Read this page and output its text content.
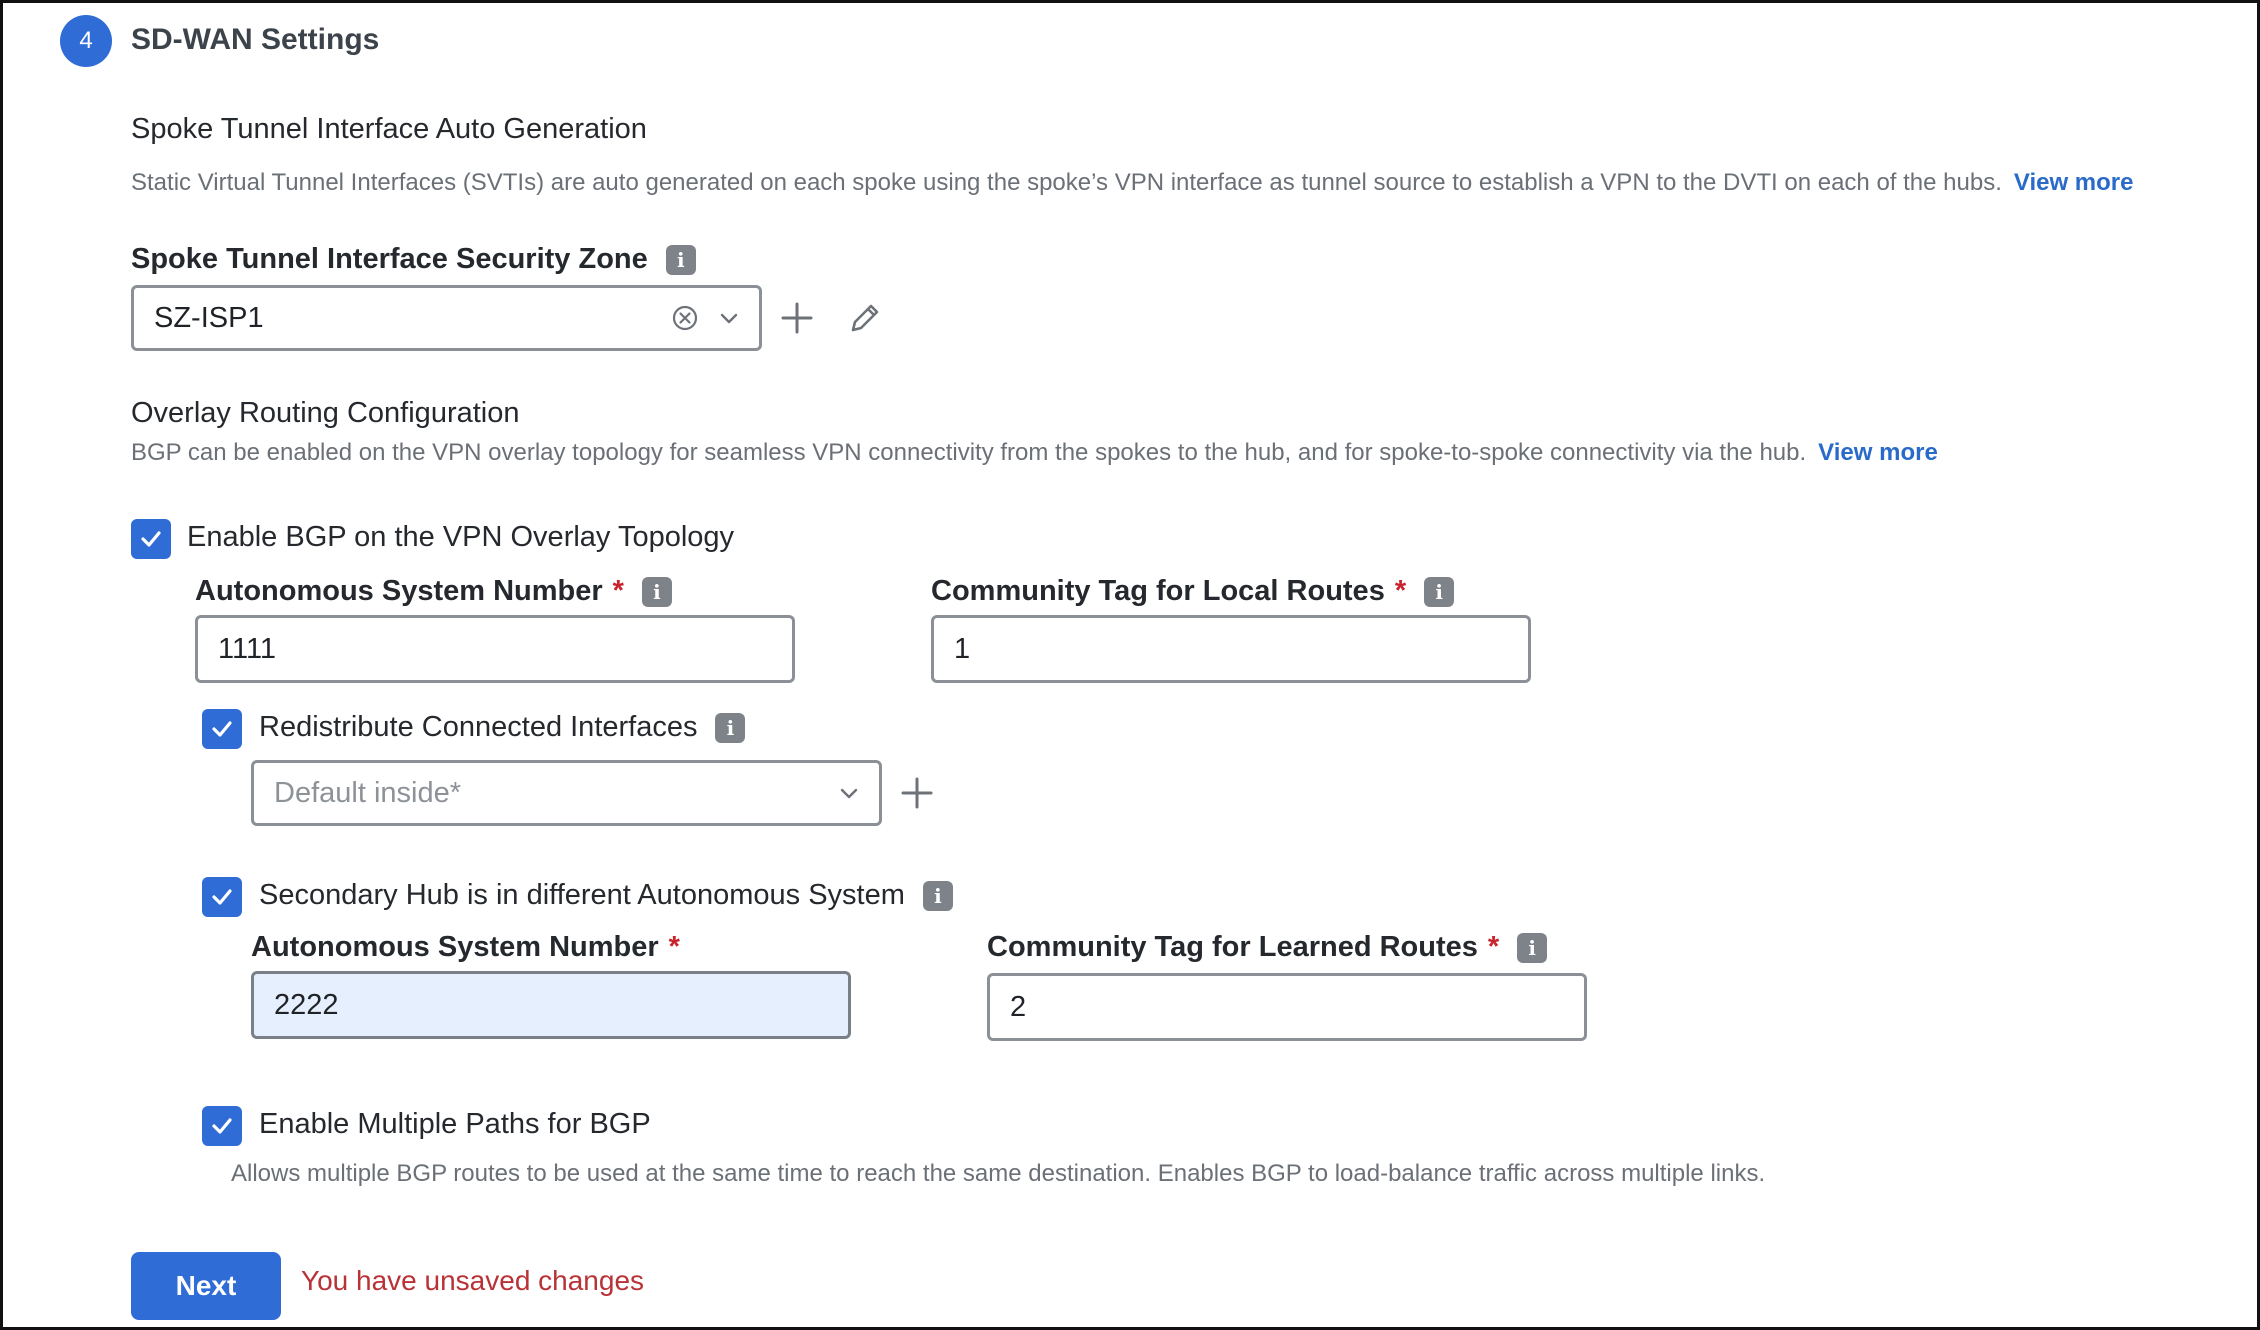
4	SD-WAN Settings
Spoke Tunnel Interface Auto Generation
Static Virtual Tunnel Interfaces (SVTIs) are auto generated on each spoke using the spoke’s VPN interface as tunnel source to establish a VPN to the DVTI on each of the hubs. View more
Spoke Tunnel Interface Security Zone	i
SZ-ISP1
Overlay Routing Configuration
BGP can be enabled on the VPN overlay topology for seamless VPN connectivity from the spokes to the hub, and for spoke-to-spoke connectivity via the hub. View more
Enable BGP on the VPN Overlay Topology
Autonomous System Number *	i
1111
Community Tag for Local Routes *	i
1
Redistribute Connected Interfaces	i
Default inside*
Secondary Hub is in different Autonomous System	i
Autonomous System Number *
2222
Community Tag for Learned Routes *	i
2
Enable Multiple Paths for BGP
Allows multiple BGP routes to be used at the same time to reach the same destination. Enables BGP to load-balance traffic across multiple links.
Next	You have unsaved changes
